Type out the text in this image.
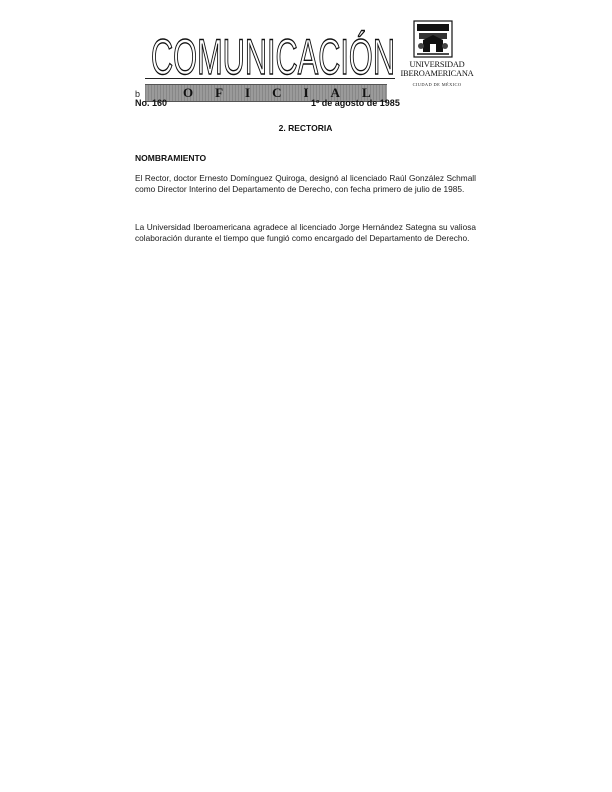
COMUNICACIÓN
OFICIAL
UNIVERSIDAD
IBEROAMERICANA
CIUDAD DE MÉXICO
b
No. 160	1º de agosto de 1985
2. RECTORIA
NOMBRAMIENTO
El Rector, doctor Ernesto Domínguez Quiroga, designó al licenciado Raúl González Schmall como Director Interino del Departamento de Derecho, con fecha primero de julio de 1985.
La Universidad Iberoamericana agradece al licenciado Jorge Hernández Sategna su valiosa colaboración durante el tiempo que fungió como encargado del Departamento de Derecho.
